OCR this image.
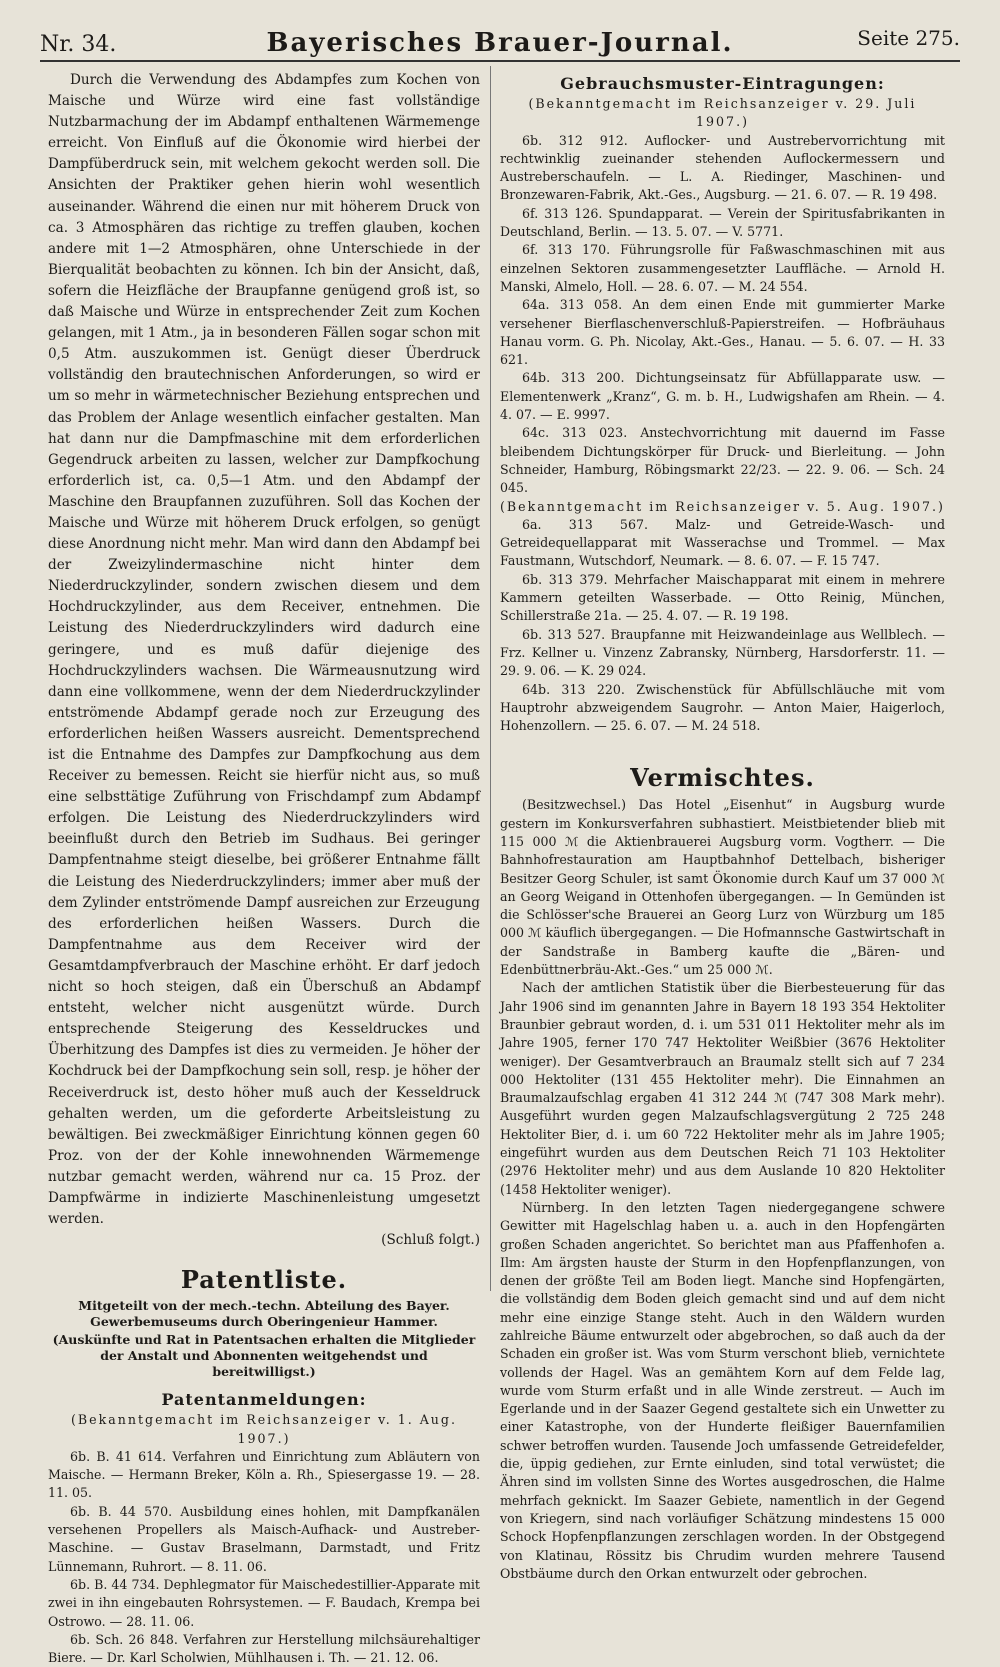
Nr. 34.	Bayerisches Brauer-Journal.	Seite 275.

Durch die Verwendung des Abdampfes zum Kochen von Maische und Würze wird eine fast vollständige Nutzbarmachung der im Abdampf enthaltenen Wärmemenge erreicht. Von Einfluß auf die Ökonomie wird hierbei der Dampfüberdruck sein, mit welchem gekocht werden soll. Die Ansichten der Praktiker gehen hierin wohl wesentlich auseinander. Während die einen nur mit höherem Druck von ca. 3 Atmosphären das richtige zu treffen glauben, kochen andere mit 1—2 Atmosphären, ohne Unterschiede in der Bierqualität beobachten zu können. Ich bin der Ansicht, daß, sofern die Heizfläche der Braupfanne genügend groß ist, so daß Maische und Würze in entsprechender Zeit zum Kochen gelangen, mit 1 Atm., ja in besonderen Fällen sogar schon mit 0,5 Atm. auszukommen ist. Genügt dieser Überdruck vollständig den brautechnischen Anforderungen, so wird er um so mehr in wärmetechnischer Beziehung entsprechen und das Problem der Anlage wesentlich einfacher gestalten. Man hat dann nur die Dampfmaschine mit dem erforderlichen Gegendruck arbeiten zu lassen, welcher zur Dampfkochung erforderlich ist, ca. 0,5—1 Atm. und den Abdampf der Maschine den Braupfannen zuzuführen. Soll das Kochen der Maische und Würze mit höherem Druck erfolgen, so genügt diese Anordnung nicht mehr. Man wird dann den Abdampf bei der Zweizylindermaschine nicht hinter dem Niederdruckzylinder, sondern zwischen diesem und dem Hochdruckzylinder, aus dem Receiver, entnehmen. Die Leistung des Niederdruckzylinders wird dadurch eine geringere, und es muß dafür diejenige des Hochdruckzylinders wachsen. Die Wärmeausnutzung wird dann eine vollkommene, wenn der dem Niederdruckzylinder entströmende Abdampf gerade noch zur Erzeugung des erforderlichen heißen Wassers ausreicht. Dementsprechend ist die Entnahme des Dampfes zur Dampfkochung aus dem Receiver zu bemessen. Reicht sie hierfür nicht aus, so muß eine selbsttätige Zuführung von Frischdampf zum Abdampf erfolgen. Die Leistung des Niederdruckzylinders wird beeinflußt durch den Betrieb im Sudhaus. Bei geringer Dampfentnahme steigt dieselbe, bei größerer Entnahme fällt die Leistung des Niederdruckzylinders; immer aber muß der dem Zylinder entströmende Dampf ausreichen zur Erzeugung des erforderlichen heißen Wassers. Durch die Dampfentnahme aus dem Receiver wird der Gesamtdampfverbrauch der Maschine erhöht. Er darf jedoch nicht so hoch steigen, daß ein Überschuß an Abdampf entsteht, welcher nicht ausgenützt würde. Durch entsprechende Steigerung des Kesseldruckes und Überhitzung des Dampfes ist dies zu vermeiden. Je höher der Kochdruck bei der Dampfkochung sein soll, resp. je höher der Receiverdruck ist, desto höher muß auch der Kesseldruck gehalten werden, um die geforderte Arbeitsleistung zu bewältigen. Bei zweckmäßiger Einrichtung können gegen 60 Proz. von der der Kohle innewohnenden Wärmemenge nutzbar gemacht werden, während nur ca. 15 Proz. der Dampfwärme in indizierte Maschinenleistung umgesetzt werden.

(Schluß folgt.)

Patentliste.
Mitgeteilt von der mech.-techn. Abteilung des Bayer. Gewerbemuseums durch Oberingenieur Hammer.
(Auskünfte und Rat in Patentsachen erhalten die Mitglieder der Anstalt und Abonnenten weitgehendst und bereitwilligst.)
Patentanmeldungen:

(Bekanntgemacht im Reichsanzeiger v. 1. Aug. 1907.)

6b. B. 41 614. Verfahren und Einrichtung zum Abläutern von Maische. — Hermann Breker, Köln a. Rh., Spiesergasse 19. — 28. 11. 05.

6b. B. 44 570. Ausbildung eines hohlen, mit Dampfkanälen versehenen Propellers als Maisch-Aufhack- und Austreber-Maschine. — Gustav Braselmann, Darmstadt, und Fritz Lünnemann, Ruhrort. — 8. 11. 06.

6b. B. 44 734. Dephlegmator für Maischedestillier-Apparate mit zwei in ihn eingebauten Rohrsystemen. — F. Baudach, Krempa bei Ostrowo. — 28. 11. 06.

6b. Sch. 26 848. Verfahren zur Herstellung milchsäurehaltiger Biere. — Dr. Karl Scholwien, Mühlhausen i. Th. — 21. 12. 06.

Gebrauchsmuster-Eintragungen:

(Bekanntgemacht im Reichsanzeiger v. 29. Juli 1907.)

6b. 312 912. Auflocker- und Austrebervorrichtung mit rechtwinklig zueinander stehenden Auflockermessern und Austreberschaufeln. — L. A. Riedinger, Maschinen- und Bronzewaren-Fabrik, Akt.-Ges., Augsburg. — 21. 6. 07. — R. 19 498.

6f. 313 126. Spundapparat. — Verein der Spiritusfabrikanten in Deutschland, Berlin. — 13. 5. 07. — V. 5771.

6f. 313 170. Führungsrolle für Faßwaschmaschinen mit aus einzelnen Sektoren zusammengesetzter Lauffläche. — Arnold H. Manski, Almelo, Holl. — 28. 6. 07. — M. 24 554.

64a. 313 058. An dem einen Ende mit gummierter Marke versehener Bierflaschenverschluß-Papierstreifen. — Hofbräuhaus Hanau vorm. G. Ph. Nicolay, Akt.-Ges., Hanau. — 5. 6. 07. — H. 33 621.

64b. 313 200. Dichtungseinsatz für Abfüllapparate usw. — Elementenwerk „Kranz“, G. m. b. H., Ludwigshafen am Rhein. — 4. 4. 07. — E. 9997.

64c. 313 023. Anstechvorrichtung mit dauernd im Fasse bleibendem Dichtungskörper für Druck- und Bierleitung. — John Schneider, Hamburg, Röbingsmarkt 22/23. — 22. 9. 06. — Sch. 24 045.

(Bekanntgemacht im Reichsanzeiger v. 5. Aug. 1907.)

6a. 313 567. Malz- und Getreide-Wasch- und Getreidequellapparat mit Wasserachse und Trommel. — Max Faustmann, Wutschdorf, Neumark. — 8. 6. 07. — F. 15 747.

6b. 313 379. Mehrfacher Maischapparat mit einem in mehrere Kammern geteilten Wasserbade. — Otto Reinig, München, Schillerstraße 21a. — 25. 4. 07. — R. 19 198.

6b. 313 527. Braupfanne mit Heizwandeinlage aus Wellblech. — Frz. Kellner u. Vinzenz Zabransky, Nürnberg, Harsdorferstr. 11. — 29. 9. 06. — K. 29 024.

64b. 313 220. Zwischenstück für Abfüllschläuche mit vom Hauptrohr abzweigendem Saugrohr. — Anton Maier, Haigerloch, Hohenzollern. — 25. 6. 07. — M. 24 518.

Vermischtes.

(Besitzwechsel.) Das Hotel „Eisenhut“ in Augsburg wurde gestern im Konkursverfahren subhastiert. Meistbietender blieb mit 115 000 ℳ die Aktienbrauerei Augsburg vorm. Vogtherr. — Die Bahnhofrestauration am Hauptbahnhof Dettelbach, bisheriger Besitzer Georg Schuler, ist samt Ökonomie durch Kauf um 37 000 ℳ an Georg Weigand in Ottenhofen übergegangen. — In Gemünden ist die Schlösser'sche Brauerei an Georg Lurz von Würzburg um 185 000 ℳ käuflich übergegangen. — Die Hofmannsche Gastwirtschaft in der Sandstraße in Bamberg kaufte die „Bären- und Edenbüttnerbräu-Akt.-Ges.“ um 25 000 ℳ.

Nach der amtlichen Statistik über die Bierbesteuerung für das Jahr 1906 sind im genannten Jahre in Bayern 18 193 354 Hektoliter Braunbier gebraut worden, d. i. um 531 011 Hektoliter mehr als im Jahre 1905, ferner 170 747 Hektoliter Weißbier (3676 Hektoliter weniger). Der Gesamtverbrauch an Braumalz stellt sich auf 7 234 000 Hektoliter (131 455 Hektoliter mehr). Die Einnahmen an Braumalzaufschlag ergaben 41 312 244 ℳ (747 308 Mark mehr). Ausgeführt wurden gegen Malzaufschlagsvergütung 2 725 248 Hektoliter Bier, d. i. um 60 722 Hektoliter mehr als im Jahre 1905; eingeführt wurden aus dem Deutschen Reich 71 103 Hektoliter (2976 Hektoliter mehr) und aus dem Auslande 10 820 Hektoliter (1458 Hektoliter weniger).

Nürnberg. In den letzten Tagen niedergegangene schwere Gewitter mit Hagelschlag haben u. a. auch in den Hopfengärten großen Schaden angerichtet. So berichtet man aus Pfaffenhofen a. Ilm: Am ärgsten hauste der Sturm in den Hopfenpflanzungen, von denen der größte Teil am Boden liegt. Manche sind Hopfengärten, die vollständig dem Boden gleich gemacht sind und auf dem nicht mehr eine einzige Stange steht. Auch in den Wäldern wurden zahlreiche Bäume entwurzelt oder abgebrochen, so daß auch da der Schaden ein großer ist. Was vom Sturm verschont blieb, vernichtete vollends der Hagel. Was an gemähtem Korn auf dem Felde lag, wurde vom Sturm erfaßt und in alle Winde zerstreut. — Auch im Egerlande und in der Saazer Gegend gestaltete sich ein Unwetter zu einer Katastrophe, von der Hunderte fleißiger Bauernfamilien schwer betroffen wurden. Tausende Joch umfassende Getreidefelder, die, üppig gediehen, zur Ernte einluden, sind total verwüstet; die Ähren sind im vollsten Sinne des Wortes ausgedroschen, die Halme mehrfach geknickt. Im Saazer Gebiete, namentlich in der Gegend von Kriegern, sind nach vorläufiger Schätzung mindestens 15 000 Schock Hopfenpflanzungen zerschlagen worden. In der Obstgegend von Klatinau, Rössitz bis Chrudim wurden mehrere Tausend Obstbäume durch den Orkan entwurzelt oder gebrochen.
